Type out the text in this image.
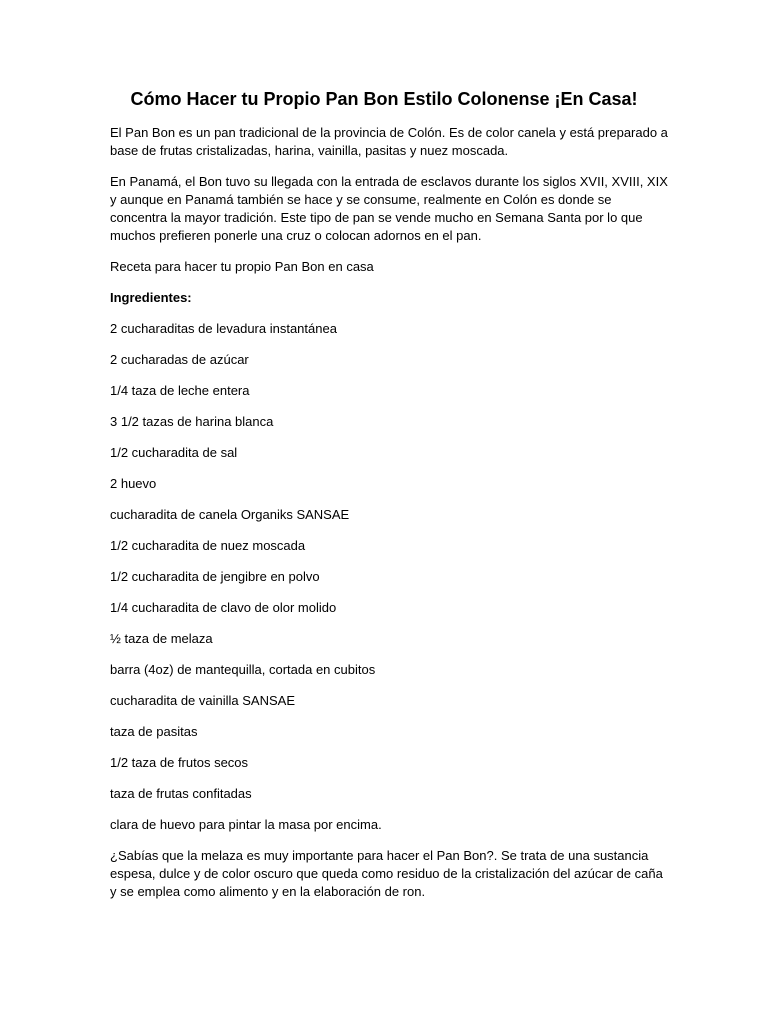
Cómo Hacer tu Propio Pan Bon Estilo Colonense ¡En Casa!

El Pan Bon es un pan tradicional de la provincia de Colón. Es de color canela y está preparado a base de frutas cristalizadas, harina, vainilla, pasitas y nuez moscada.

En Panamá, el Bon tuvo su llegada con la entrada de esclavos durante los siglos XVII, XVIII, XIX y aunque en Panamá también se hace y se consume, realmente en Colón es donde se concentra la mayor tradición. Este tipo de pan se vende mucho en Semana Santa por lo que muchos prefieren ponerle una cruz o colocan adornos en el pan.

Receta para hacer tu propio Pan Bon en casa

Ingredientes:

2 cucharaditas de levadura instantánea
2 cucharadas de azúcar
1/4 taza de leche entera
3 1/2 tazas de harina blanca
1/2 cucharadita de sal
2 huevo
cucharadita de canela Organiks SANSAE
1/2 cucharadita de nuez moscada
1/2 cucharadita de jengibre en polvo
1/4 cucharadita de clavo de olor molido
½ taza de melaza
barra (4oz) de mantequilla, cortada en cubitos
cucharadita de vainilla SANSAE
taza de pasitas
1/2 taza de frutos secos
taza de frutas confitadas
clara de huevo para pintar la masa por encima.

¿Sabías que la melaza es muy importante para hacer el Pan Bon?. Se trata de una sustancia espesa, dulce y de color oscuro que queda como residuo de la cristalización del azúcar de caña y se emplea como alimento y en la elaboración de ron.
